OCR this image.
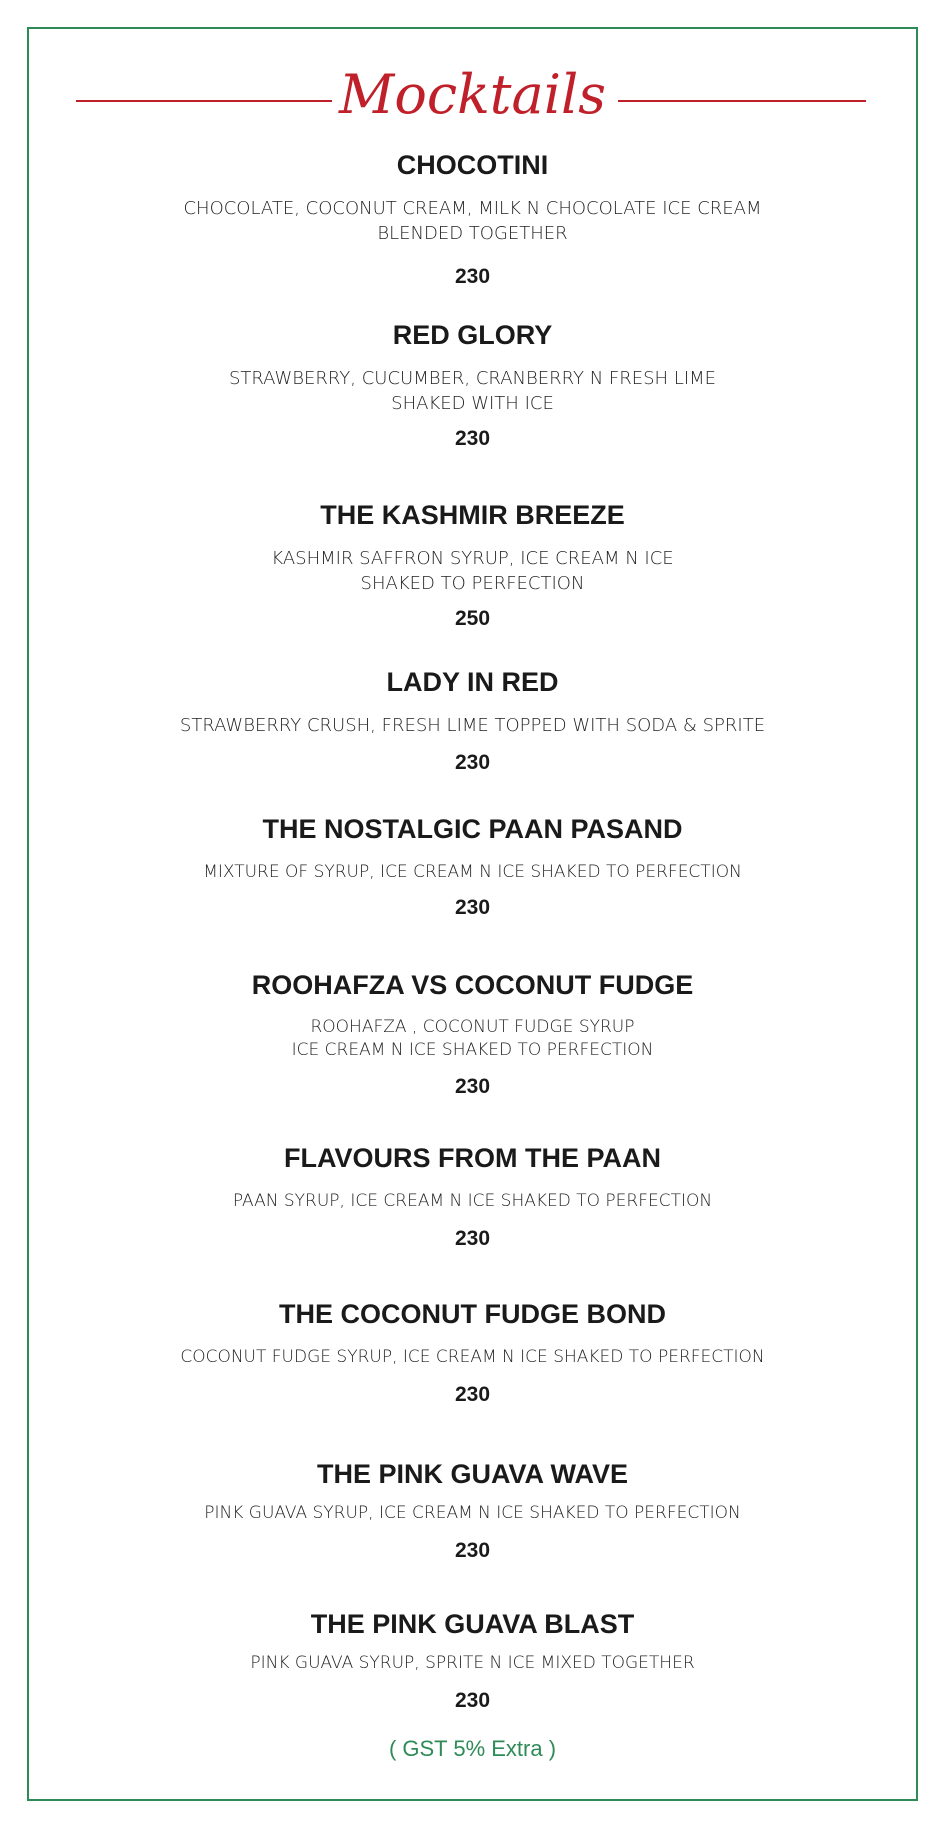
Mocktails
CHOCOTINI
CHOCOLATE, COCONUT CREAM, MILK N CHOCOLATE ICE CREAM
BLENDED TOGETHER
230
RED GLORY
STRAWBERRY, CUCUMBER, CRANBERRY N FRESH LIME
SHAKED WITH ICE
230
THE KASHMIR BREEZE
KASHMIR SAFFRON SYRUP, ICE CREAM N ICE
SHAKED TO PERFECTION
250
LADY IN RED
STRAWBERRY CRUSH, FRESH LIME TOPPED WITH SODA & SPRITE
230
THE NOSTALGIC PAAN PASAND
MIXTURE OF SYRUP, ICE CREAM N ICE SHAKED TO PERFECTION
230
ROOHAFZA VS COCONUT FUDGE
ROOHAFZA , COCONUT FUDGE SYRUP
ICE CREAM N ICE SHAKED TO PERFECTION
230
FLAVOURS FROM THE PAAN
PAAN SYRUP, ICE CREAM N ICE SHAKED TO PERFECTION
230
THE COCONUT FUDGE BOND
COCONUT FUDGE SYRUP, ICE CREAM N ICE SHAKED TO PERFECTION
230
THE PINK GUAVA WAVE
PINK GUAVA SYRUP, ICE CREAM N ICE SHAKED TO PERFECTION
230
THE PINK GUAVA BLAST
PINK GUAVA SYRUP, SPRITE N ICE MIXED TOGETHER
230
( GST 5% Extra )
